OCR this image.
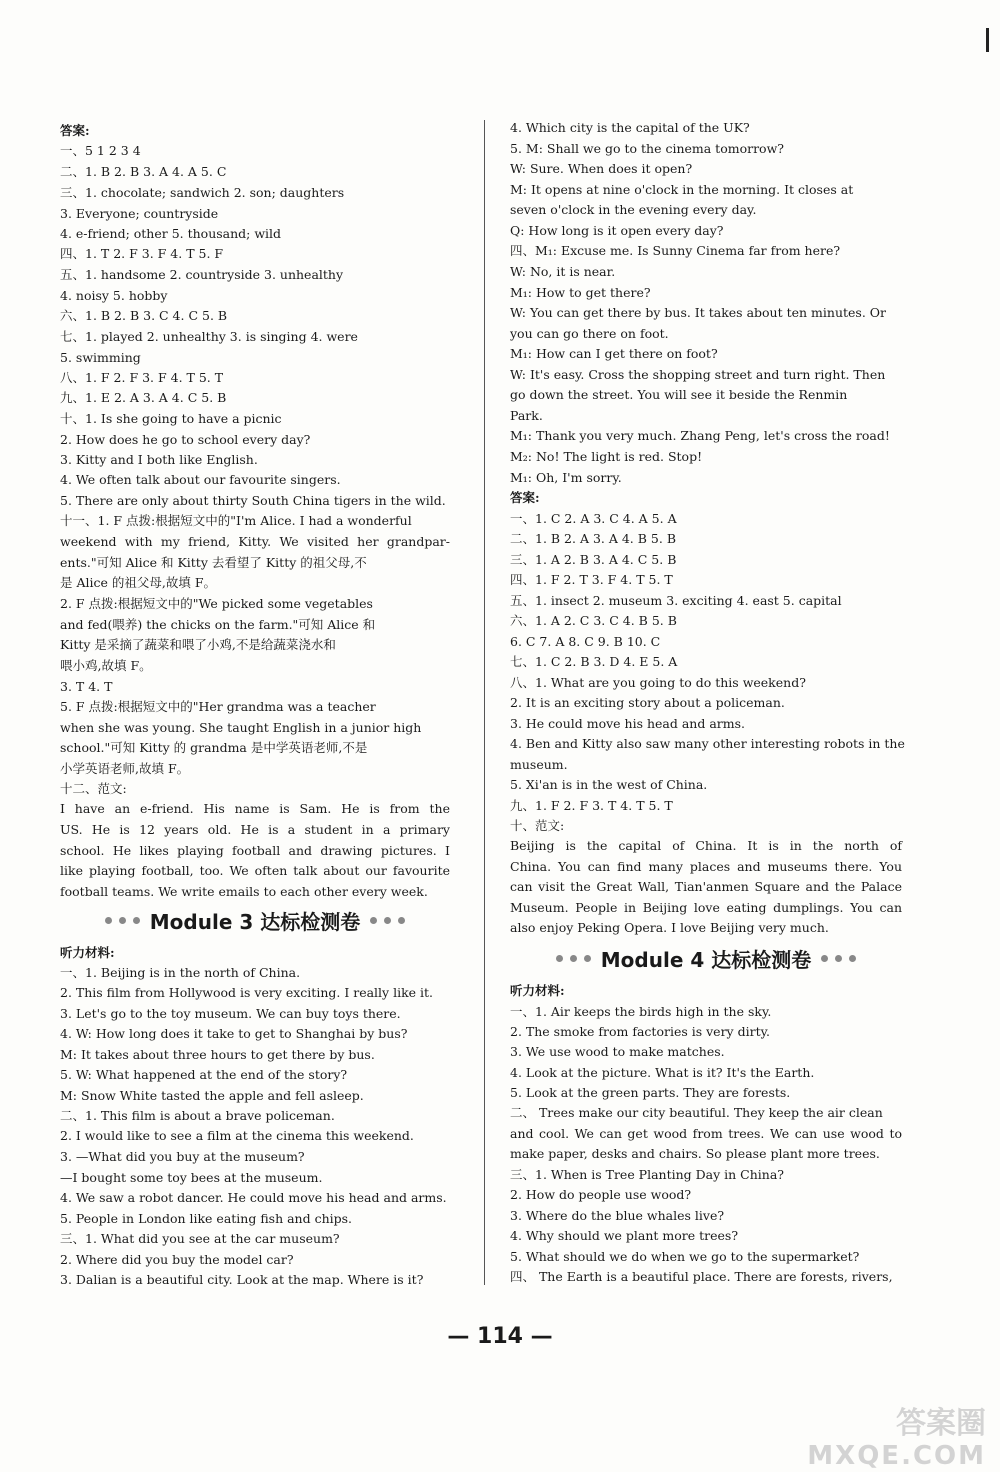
Module 3 达标检测卷
答案:
一、5 1 2 3 4
二、1. B 2. B 3. A 4. A 5. C
三、1. chocolate; sandwich 2. son; daughters
3. Everyone; countryside
4. e-friend; other 5. thousand; wild
四、1. T 2. F 3. F 4. T 5. F
五、1. handsome 2. countryside 3. unhealthy
4. noisy 5. hobby
六、1. B 2. B 3. C 4. C 5. B
七、1. played 2. unhealthy 3. is singing 4. were
5. swimming
八、1. F 2. F 3. F 4. T 5. T
九、1. E 2. A 3. A 4. C 5. B
十、1. Is she going to have a picnic
2. How does he go to school every day?
3. Kitty and I both like English.
4. We often talk about our favourite singers.
5. There are only about thirty South China tigers in the wild.
十一、1. F 点拨:根据短文中的"I'm Alice. I had a wonderful
weekend with my friend, Kitty. We visited her grandpar-
ents."可知 Alice 和 Kitty 去看望了 Kitty 的祖父母,不
是 Alice 的祖父母,故填 F。
2. F 点拨:根据短文中的"We picked some vegetables
and fed(喂养) the chicks on the farm."可知 Alice 和
Kitty 是采摘了蔬菜和喂了小鸡,不是给蔬菜浇水和
喂小鸡,故填 F。
3. T 4. T
5. F 点拨:根据短文中的"Her grandma was a teacher
when she was young. She taught English in a junior high
school."可知 Kitty 的 grandma 是中学英语老师,不是
小学英语老师,故填 F。
十二、范文:
I have an e-friend. His name is Sam. He is from the
US. He is 12 years old. He is a student in a primary
school. He likes playing football and drawing pictures. I
like playing football, too. We often talk about our favourite
football teams. We write emails to each other every week.
听力材料:
一、1. Beijing is in the north of China.
2. This film from Hollywood is very exciting. I really like it.
3. Let's go to the toy museum. We can buy toys there.
4. W: How long does it take to get to Shanghai by bus?
M: It takes about three hours to get there by bus.
5. W: What happened at the end of the story?
M: Snow White tasted the apple and fell asleep.
二、1. This film is about a brave policeman.
2. I would like to see a film at the cinema this weekend.
3. —What did you buy at the museum?
—I bought some toy bees at the museum.
4. We saw a robot dancer. He could move his head and arms.
5. People in London like eating fish and chips.
三、1. What did you see at the car museum?
2. Where did you buy the model car?
3. Dalian is a beautiful city. Look at the map. Where is it?
Module 4 达标检测卷
4. Which city is the capital of the UK?
5. M: Shall we go to the cinema tomorrow?
W: Sure. When does it open?
M: It opens at nine o'clock in the morning. It closes at
seven o'clock in the evening every day.
Q: How long is it open every day?
四、M₁: Excuse me. Is Sunny Cinema far from here?
W: No, it is near.
M₁: How to get there?
W: You can get there by bus. It takes about ten minutes. Or
you can go there on foot.
M₁: How can I get there on foot?
W: It's easy. Cross the shopping street and turn right. Then
go down the street. You will see it beside the Renmin
Park.
M₁: Thank you very much. Zhang Peng, let's cross the road!
M₂: No! The light is red. Stop!
M₁: Oh, I'm sorry.
答案:
一、1. C 2. A 3. C 4. A 5. A
二、1. B 2. A 3. A 4. B 5. B
三、1. A 2. B 3. A 4. C 5. B
四、1. F 2. T 3. F 4. T 5. T
五、1. insect 2. museum 3. exciting 4. east 5. capital
六、1. A 2. C 3. C 4. B 5. B
6. C 7. A 8. C 9. B 10. C
七、1. C 2. B 3. D 4. E 5. A
八、1. What are you going to do this weekend?
2. It is an exciting story about a policeman.
3. He could move his head and arms.
4. Ben and Kitty also saw many other interesting robots in the
museum.
5. Xi'an is in the west of China.
九、1. F 2. F 3. T 4. T 5. T
十、范文:
Beijing is the capital of China. It is in the north of
China. You can find many places and museums there. You
can visit the Great Wall, Tian'anmen Square and the Palace
Museum. People in Beijing love eating dumplings. You can
also enjoy Peking Opera. I love Beijing very much.
听力材料:
一、1. Air keeps the birds high in the sky.
2. The smoke from factories is very dirty.
3. We use wood to make matches.
4. Look at the picture. What is it? It's the Earth.
5. Look at the green parts. They are forests.
二、 Trees make our city beautiful. They keep the air clean
and cool. We can get wood from trees. We can use wood to
make paper, desks and chairs. So please plant more trees.
三、1. When is Tree Planting Day in China?
2. How do people use wood?
3. Where do the blue whales live?
4. Why should we plant more trees?
5. What should we do when we go to the supermarket?
四、 The Earth is a beautiful place. There are forests, rivers,
— 114 —
答案圈
MXQE.COM
